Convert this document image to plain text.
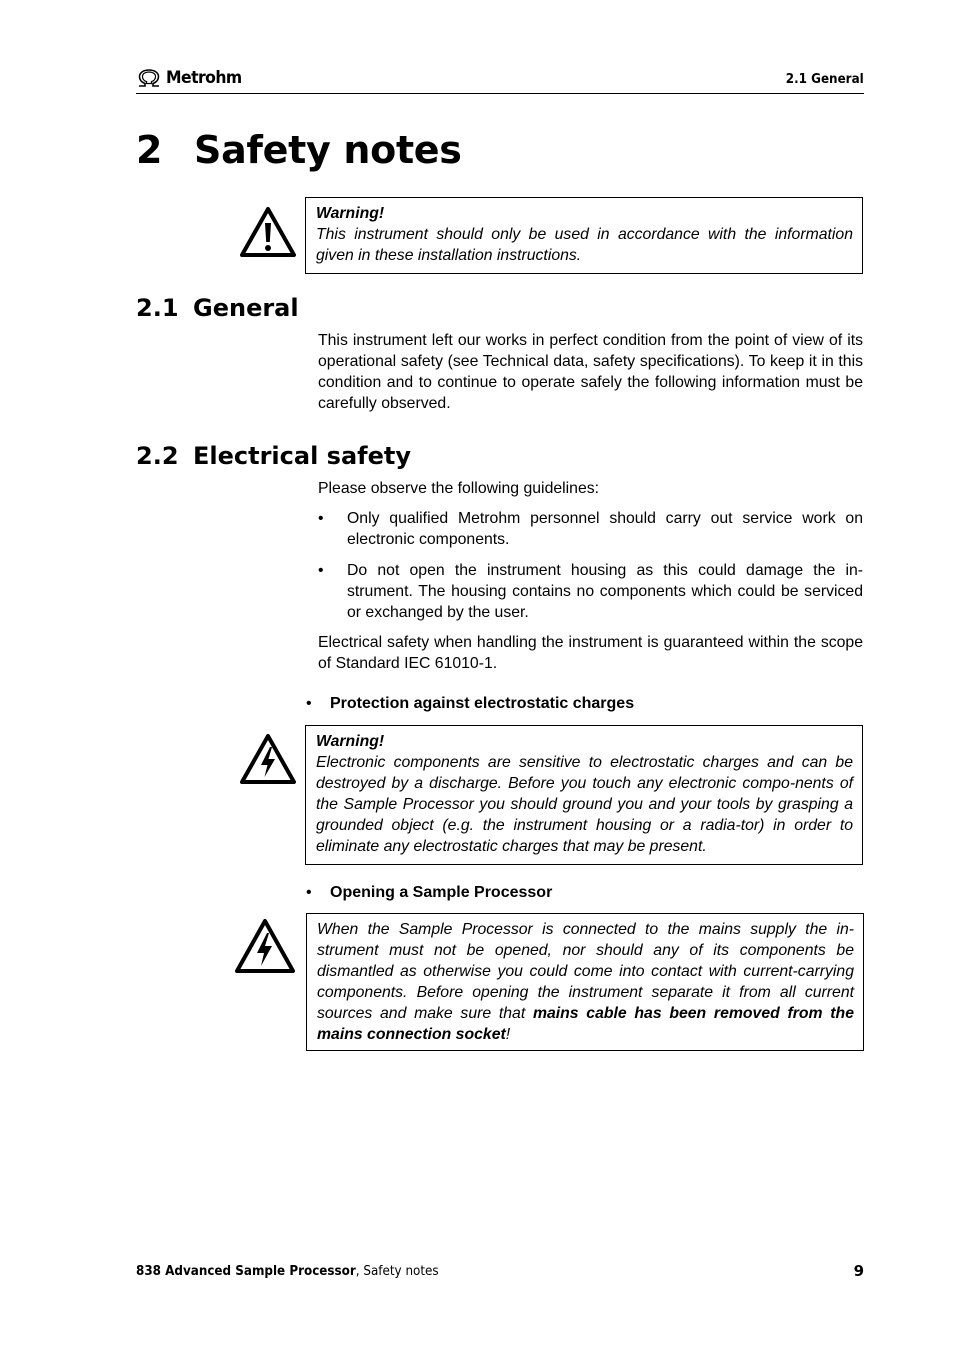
Metrohm	2.1 General
2 Safety notes
Warning!
This instrument should only be used in accordance with the information given in these installation instructions.
2.1 General
This instrument left our works in perfect condition from the point of view of its operational safety (see Technical data, safety specifications). To keep it in this condition and to continue to operate safely the following information must be carefully observed.
2.2 Electrical safety
Please observe the following guidelines:
• Only qualified Metrohm personnel should carry out service work on electronic components.
• Do not open the instrument housing as this could damage the in-strument. The housing contains no components which could be serviced or exchanged by the user.
Electrical safety when handling the instrument is guaranteed within the scope of Standard IEC 61010-1.
• Protection against electrostatic charges
Warning!
Electronic components are sensitive to electrostatic charges and can be destroyed by a discharge. Before you touch any electronic compo-nents of the Sample Processor you should ground you and your tools by grasping a grounded object (e.g. the instrument housing or a radia-tor) in order to eliminate any electrostatic charges that may be present.
• Opening a Sample Processor
When the Sample Processor is connected to the mains supply the in-strument must not be opened, nor should any of its components be dismantled as otherwise you could come into contact with current-carrying components. Before opening the instrument separate it from all current sources and make sure that mains cable has been removed from the mains connection socket!
838 Advanced Sample Processor, Safety notes	9
